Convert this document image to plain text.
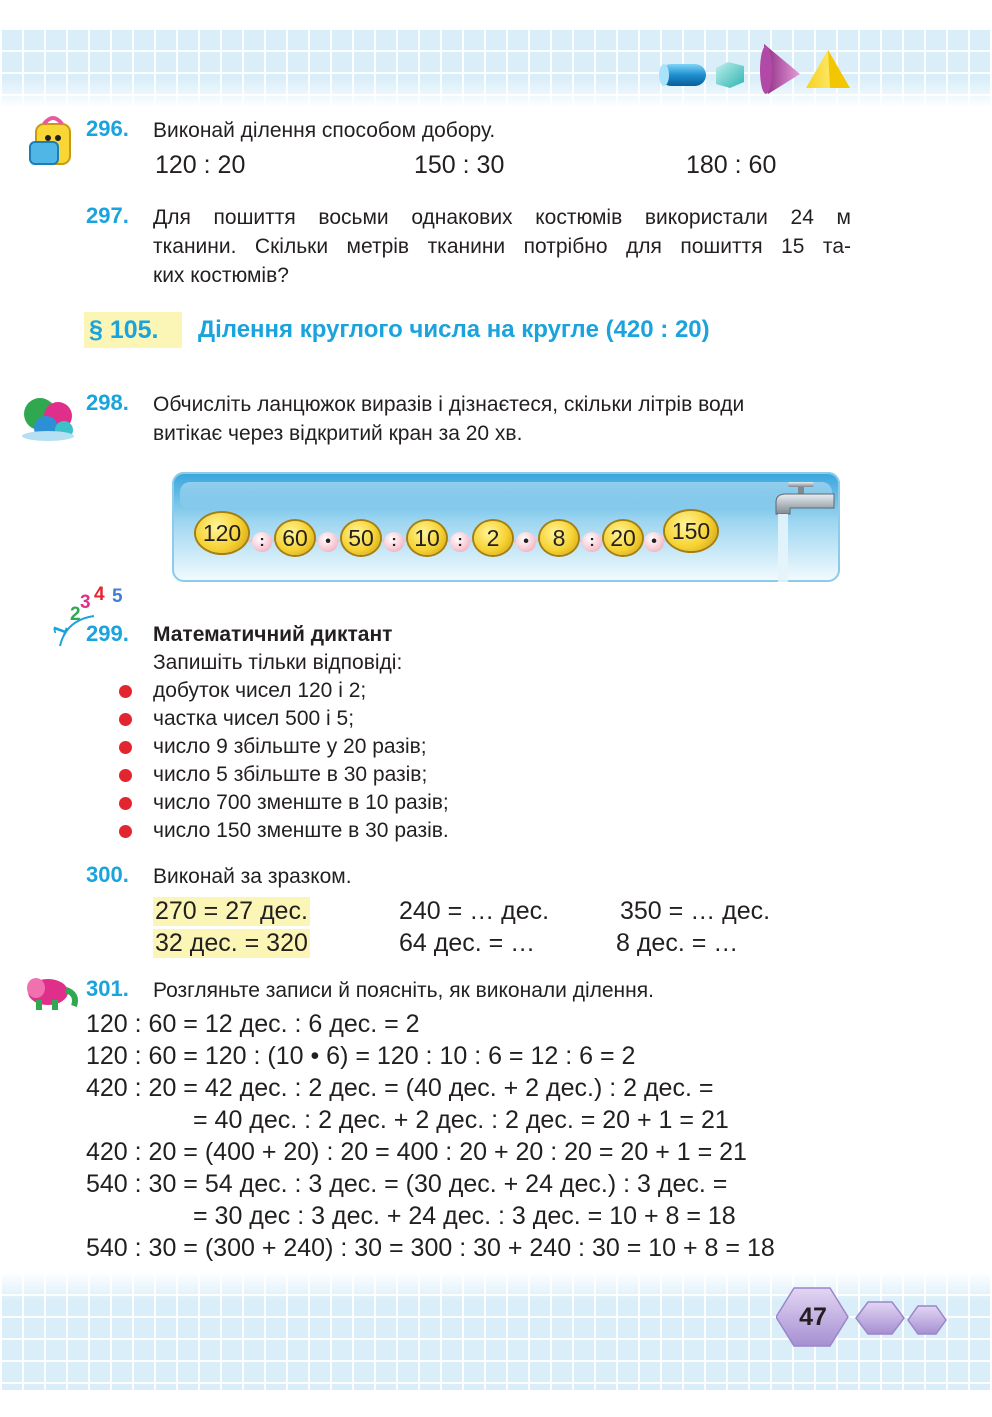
296. Виконай ділення способом добору.
120 : 20	150 : 30	180 : 60
297. Для пошиття восьми однакових костюмів використали 24 м
тканини. Скільки метрів тканини потрібно для пошиття 15 та-
ких костюмів?
§ 105.	Ділення круглого числа на круглe (420 : 20)
298. Обчисліть ланцюжок виразів і дізнаєтеся, скільки літрів води
витікає через відкритий кран за 20 хв.
120	: 60	• 50	: 10	:	2	•	8	: 20 • 150
1
2
3 4 5
299. Математичний диктант
Запишіть тільки відповіді:
добуток чисел 120 і 2;
частка чисел 500 і 5;
число 9 збільште у 20 разів;
число 5 збільште в 30 разів;
число 700 зменште в 10 разів;
число 150 зменште в 30 разів.
300. Виконай за зразком.
270 = 27 дес.	240 = … дес.	350 = … дес.
32 дес. = 320	64 дес. = …	8 дес. = …
301. Розгляньте записи й поясніть, як виконали ділення.
120 : 60 = 12 дес. : 6 дес. = 2
120 : 60 = 120 : (10 • 6) = 120 : 10 : 6 = 12 : 6 = 2
420 : 20 = 42 дес. : 2 дес. = (40 дес. + 2 дес.) : 2 дес. =
= 40 дес. : 2 дес. + 2 дес. : 2 дес. = 20 + 1 = 21
420 : 20 = (400 + 20) : 20 = 400 : 20 + 20 : 20 = 20 + 1 = 21
540 : 30 = 54 дес. : 3 дес. = (30 дес. + 24 дес.) : 3 дес. =
= 30 дес : 3 дес. + 24 дес. : 3 дес. = 10 + 8 = 18
540 : 30 = (300 + 240) : 30 = 300 : 30 + 240 : 30 = 10 + 8 = 18
47
